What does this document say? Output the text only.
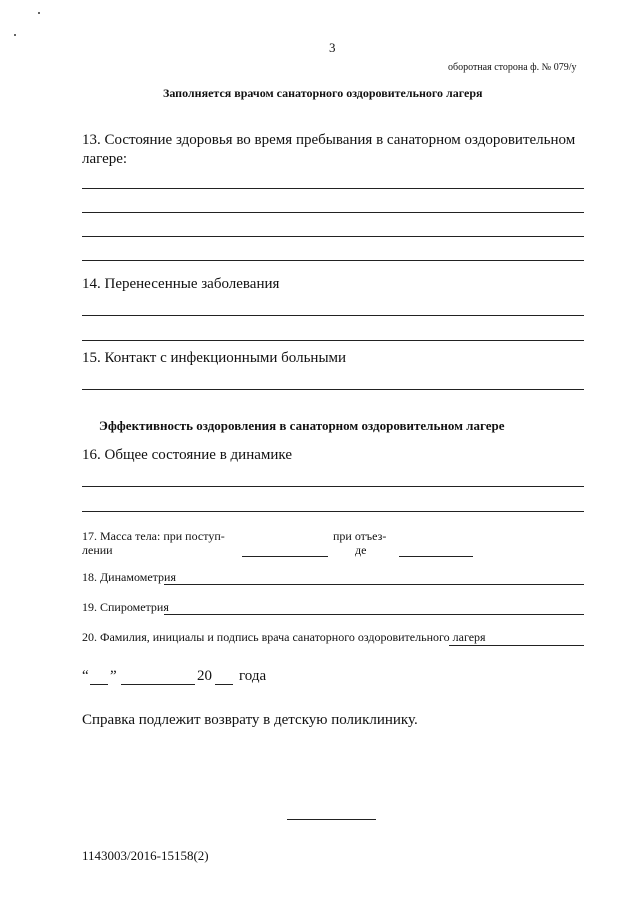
3
оборотная сторона ф. № 079/у
Заполняется врачом санаторного оздоровительного лагеря
13. Состояние здоровья во время пребывания в санаторном оздоровительном
лагере:
14. Перенесенные заболевания
15. Контакт с инфекционными больными
Эффективность оздоровления в санаторном оздоровительном лагере
16. Общее состояние в динамике
17. Масса тела: при поступ-
лении
при отъез-
де
18. Динамометрия
19. Спирометрия
20. Фамилия, инициалы и подпись врача санаторного оздоровительного лагеря
“ ”	20 года
Справка подлежит возврату в детскую поликлинику.
1143003/2016-15158(2)
